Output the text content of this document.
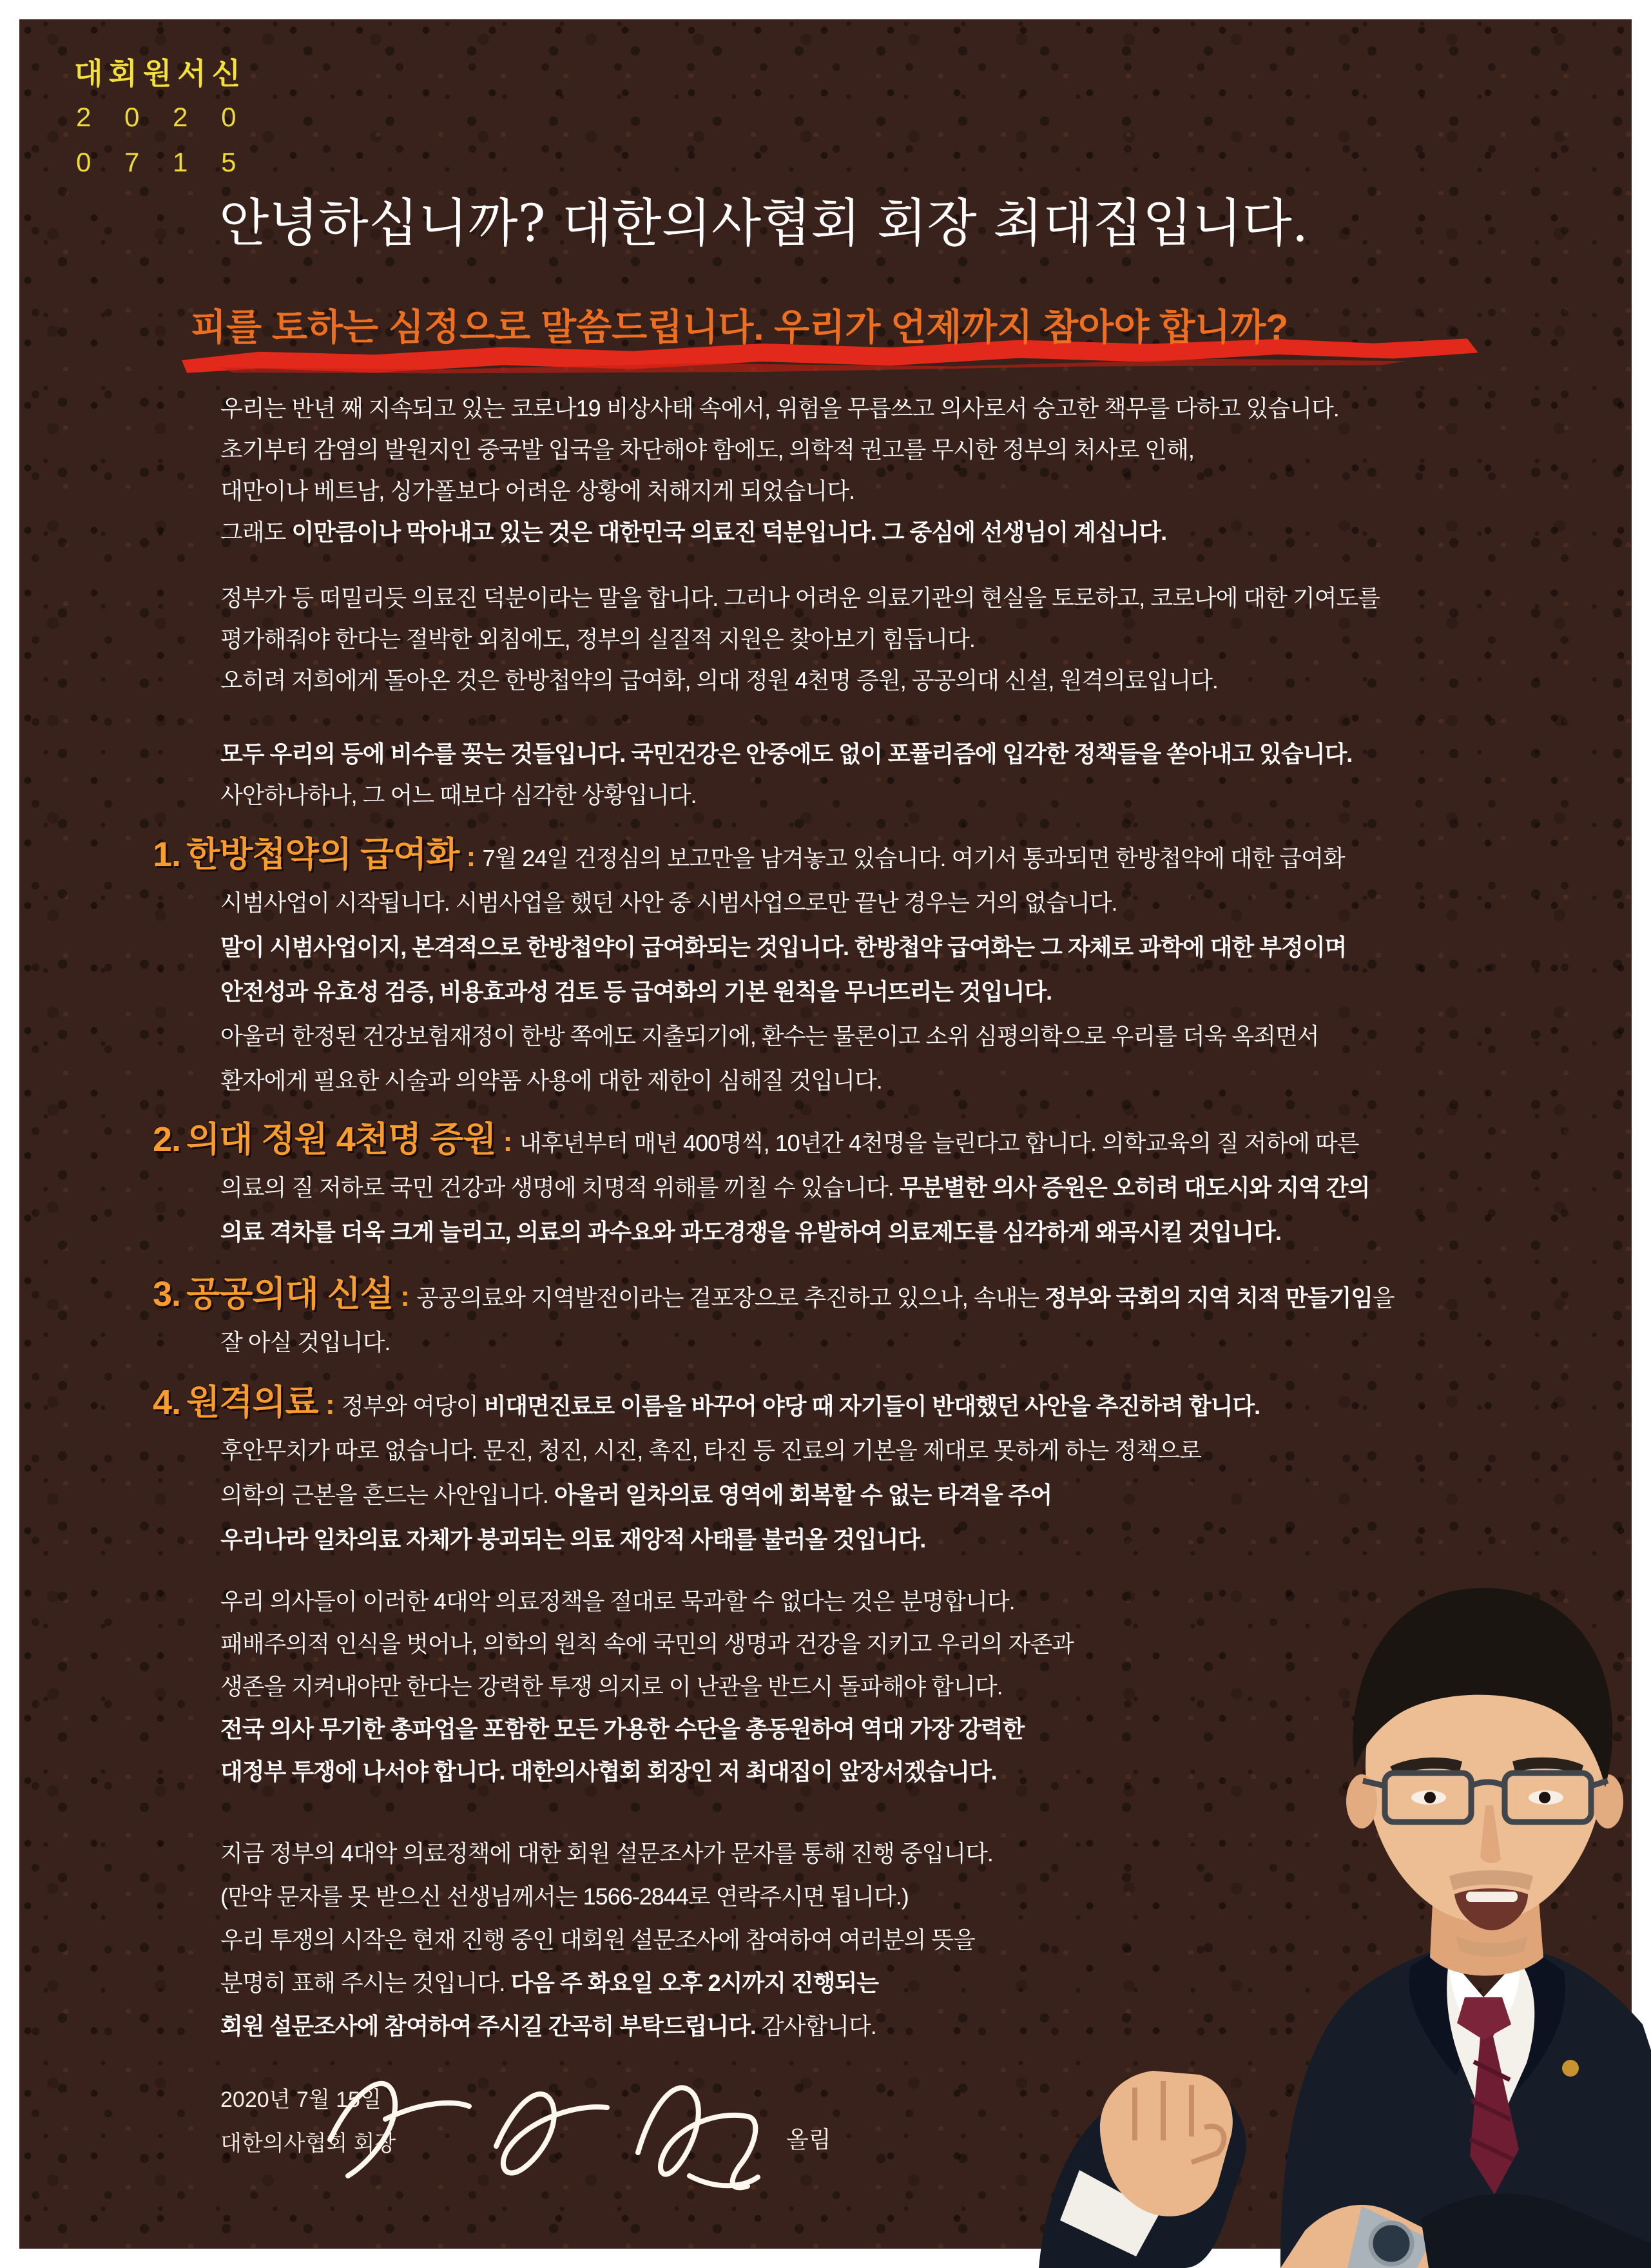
대회원서신
2 0 2 0
0 7 1 5
안녕하십니까? 대한의사협회 회장 최대집입니다.
피를 토하는 심정으로 말씀드립니다. 우리가 언제까지 참아야 합니까?

우리는 반년 째 지속되고 있는 코로나19 비상사태 속에서, 위험을 무릅쓰고 의사로서 숭고한 책무를 다하고 있습니다.
초기부터 감염의 발원지인 중국발 입국을 차단해야 함에도, 의학적 권고를 무시한 정부의 처사로 인해,
대만이나 베트남, 싱가폴보다 어려운 상황에 처해지게 되었습니다.
그래도 이만큼이나 막아내고 있는 것은 대한민국 의료진 덕분입니다. 그 중심에 선생님이 계십니다.

정부가 등 떠밀리듯 의료진 덕분이라는 말을 합니다. 그러나 어려운 의료기관의 현실을 토로하고, 코로나에 대한 기여도를
평가해줘야 한다는 절박한 외침에도, 정부의 실질적 지원은 찾아보기 힘듭니다.
오히려 저희에게 돌아온 것은 한방첩약의 급여화, 의대 정원 4천명 증원, 공공의대 신설, 원격의료입니다.

모두 우리의 등에 비수를 꽂는 것들입니다. 국민건강은 안중에도 없이 포퓰리즘에 입각한 정책들을 쏟아내고 있습니다.
사안하나하나, 그 어느 때보다 심각한 상황입니다.

1. 한방첩약의 급여화 : 7월 24일 건정심의 보고만을 남겨놓고 있습니다. 여기서 통과되면 한방첩약에 대한 급여화
시범사업이 시작됩니다. 시범사업을 했던 사안 중 시범사업으로만 끝난 경우는 거의 없습니다.
말이 시범사업이지, 본격적으로 한방첩약이 급여화되는 것입니다. 한방첩약 급여화는 그 자체로 과학에 대한 부정이며
안전성과 유효성 검증, 비용효과성 검토 등 급여화의 기본 원칙을 무너뜨리는 것입니다.
아울러 한정된 건강보험재정이 한방 쪽에도 지출되기에, 환수는 물론이고 소위 심평의학으로 우리를 더욱 옥죄면서
환자에게 필요한 시술과 의약품 사용에 대한 제한이 심해질 것입니다.

2. 의대 정원 4천명 증원 : 내후년부터 매년 400명씩, 10년간 4천명을 늘린다고 합니다. 의학교육의 질 저하에 따른
의료의 질 저하로 국민 건강과 생명에 치명적 위해를 끼칠 수 있습니다. 무분별한 의사 증원은 오히려 대도시와 지역 간의
의료 격차를 더욱 크게 늘리고, 의료의 과수요와 과도경쟁을 유발하여 의료제도를 심각하게 왜곡시킬 것입니다.

3. 공공의대 신설 : 공공의료와 지역발전이라는 겉포장으로 추진하고 있으나, 속내는 정부와 국회의 지역 치적 만들기임을
잘 아실 것입니다.

4. 원격의료 : 정부와 여당이 비대면진료로 이름을 바꾸어 야당 때 자기들이 반대했던 사안을 추진하려 합니다.
후안무치가 따로 없습니다. 문진, 청진, 시진, 촉진, 타진 등 진료의 기본을 제대로 못하게 하는 정책으로
의학의 근본을 흔드는 사안입니다. 아울러 일차의료 영역에 회복할 수 없는 타격을 주어
우리나라 일차의료 자체가 붕괴되는 의료 재앙적 사태를 불러올 것입니다.

우리 의사들이 이러한 4대악 의료정책을 절대로 묵과할 수 없다는 것은 분명합니다.
패배주의적 인식을 벗어나, 의학의 원칙 속에 국민의 생명과 건강을 지키고 우리의 자존과
생존을 지켜내야만 한다는 강력한 투쟁 의지로 이 난관을 반드시 돌파해야 합니다.
전국 의사 무기한 총파업을 포함한 모든 가용한 수단을 총동원하여 역대 가장 강력한
대정부 투쟁에 나서야 합니다. 대한의사협회 회장인 저 최대집이 앞장서겠습니다.

지금 정부의 4대악 의료정책에 대한 회원 설문조사가 문자를 통해 진행 중입니다.
(만약 문자를 못 받으신 선생님께서는 1566-2844로 연락주시면 됩니다.)
우리 투쟁의 시작은 현재 진행 중인 대회원 설문조사에 참여하여 여러분의 뜻을
분명히 표해 주시는 것입니다. 다음 주 화요일 오후 2시까지 진행되는
회원 설문조사에 참여하여 주시길 간곡히 부탁드립니다. 감사합니다.

2020년 7월 15일
대한의사협회 회장	올림
